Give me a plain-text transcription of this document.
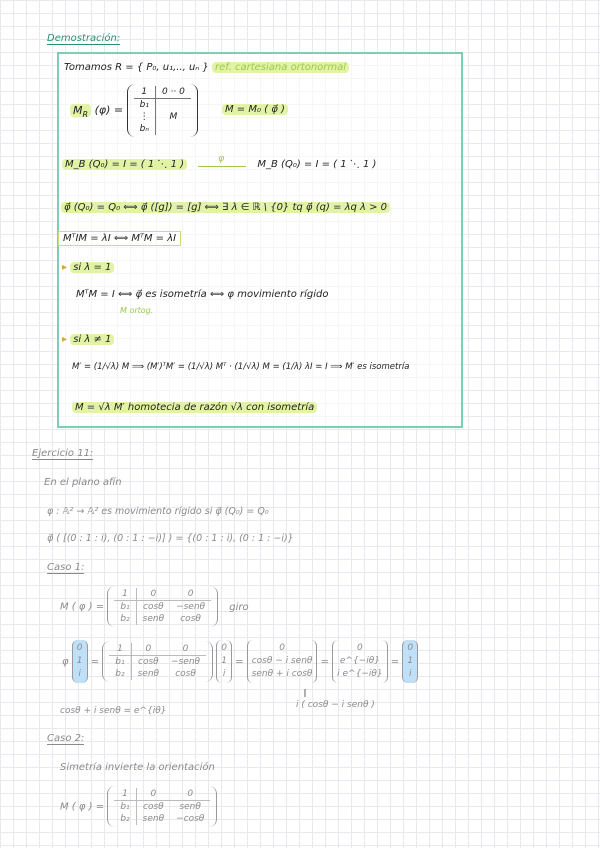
Demostración:
Tomamos R = { P₀, u₁,.., uₙ } ref. cartesiana ortonormal
$M_R$ (φ) =
1	0 ·· 0
b₁	
⋮	M
bₙ	
M = M₀ ( φ⃗ )
M_B (Q₀) = I = ( 1 ⋱ 1 )	φ	M_B (Q₀) = I = ( 1 ⋱ 1 )
φ⃗ (Q₀) = Q₀ ⟺ φ⃗ ([g]) = [g] ⟺ ∃ λ ∈ ℝ \ {0} tq φ⃗ (q) = λq λ > 0
MᵀIM = λI ⟺ MᵀM = λI
▸ si λ = 1
MᵀM = I ⟺ φ⃗ es isometría ⟺ φ movimiento rígido
M ortog.
▸ si λ ≠ 1
M′ = (1/√λ) M ⟹ (M′)ᵀM′ = (1/√λ) Mᵀ · (1/√λ) M = (1/λ) λI = I ⟹ M′ es isometría
M = √λ M′ homotecia de razón √λ con isometría
Ejercicio 11:
En el plano afín
φ : 𝔸² → 𝔸² es movimiento rígido si φ⃗ (Q₀) = Q₀
φ⃗ ( [(0 : 1 : i), (0 : 1 : −i)] ) = {(0 : 1 : i), (0 : 1 : −i)}
Caso 1:
M ( φ ) =
1	0	0
b₁	cosθ	−senθ
b₂	senθ	cosθ
giro
φ
0
1
i
=
1	0	0
b₁	cosθ	−senθ
b₂	senθ	cosθ

0
1
i
=
0
cosθ − i senθ
senθ + i cosθ
=
0
e^{−iθ}
i e^{−iθ}
=
0
1
i
‖
i ( cosθ − i senθ )
cosθ + i senθ = e^{iθ}
Caso 2:
Simetría invierte la orientación
M ( φ ) =
1	0	0
b₁	cosθ	senθ
b₂	senθ	−cosθ
